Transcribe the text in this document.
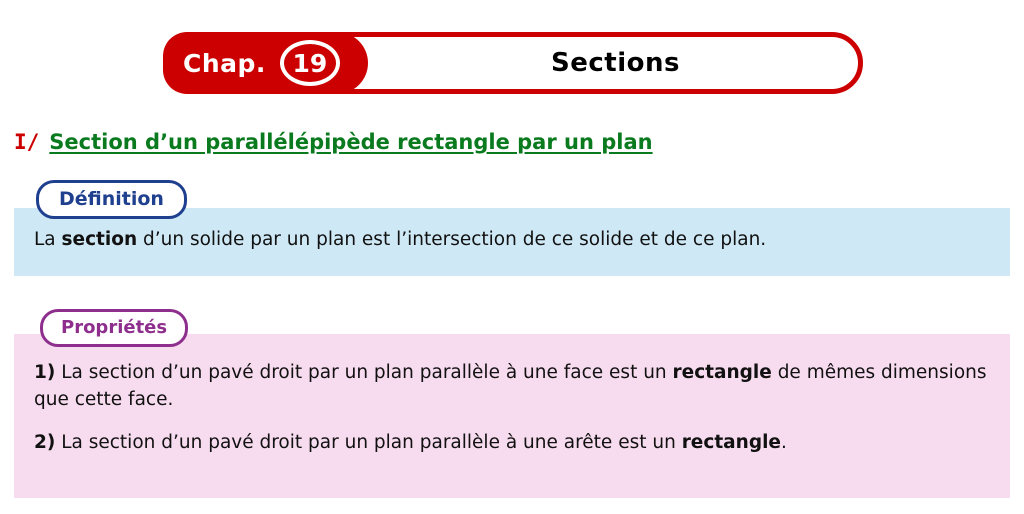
Chap. 19	Sections
I/ Section d’un parallélépipède rectangle par un plan
La section d’un solide par un plan est l’intersection de ce solide et de ce plan.
Définition
1) La section d’un pavé droit par un plan parallèle à une face est un rectangle de mêmes dimensions que cette face.
2) La section d’un pavé droit par un plan parallèle à une arête est un rectangle.
Propriétés
